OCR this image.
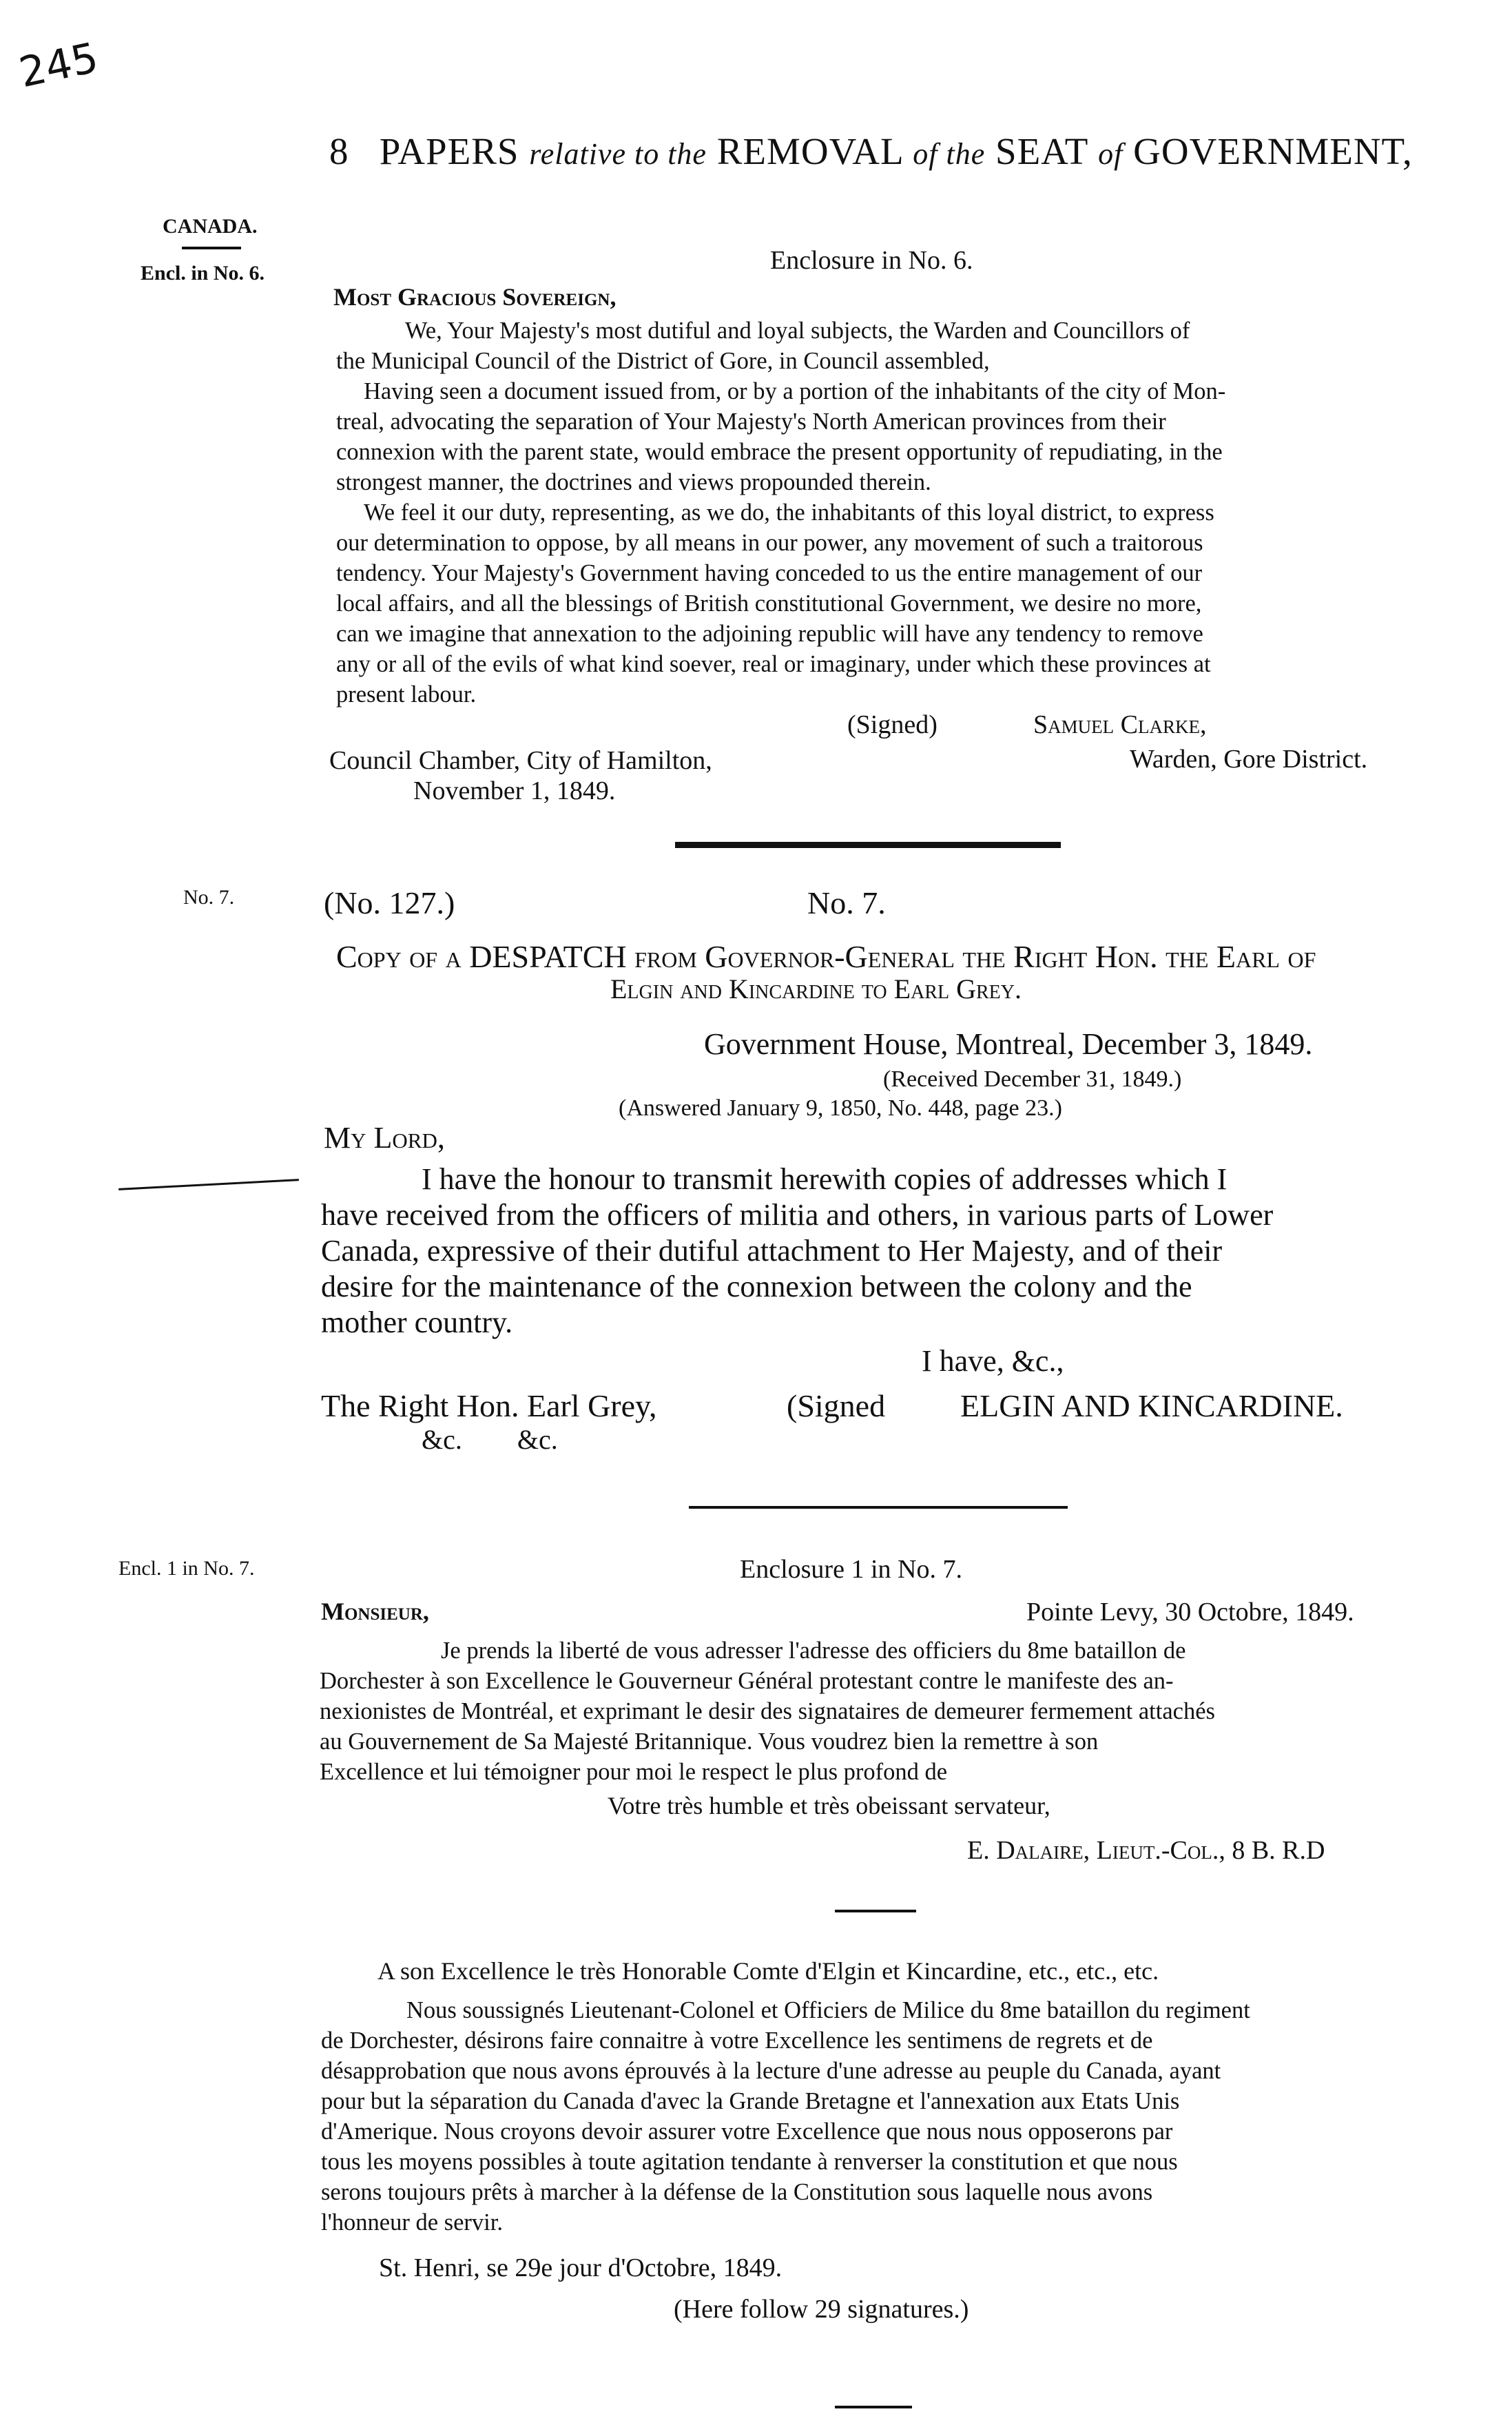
245
8 PAPERS relative to the REMOVAL of the SEAT of GOVERNMENT,
CANADA.
Encl. in No. 6.
No. 7.
Encl. 1 in No. 7.
Enclosure in No. 6.
Most Gracious Sovereign,
We, Your Majesty's most dutiful and loyal subjects, the Warden and Councillors of
the Municipal Council of the District of Gore, in Council assembled,
Having seen a document issued from, or by a portion of the inhabitants of the city of Mon-
treal, advocating the separation of Your Majesty's North American provinces from their
connexion with the parent state, would embrace the present opportunity of repudiating, in the
strongest manner, the doctrines and views propounded therein.
We feel it our duty, representing, as we do, the inhabitants of this loyal district, to express
our determination to oppose, by all means in our power, any movement of such a traitorous
tendency. Your Majesty's Government having conceded to us the entire management of our
local affairs, and all the blessings of British constitutional Government, we desire no more,
can we imagine that annexation to the adjoining republic will have any tendency to remove
any or all of the evils of what kind soever, real or imaginary, under which these provinces at
present labour.
(Signed)	Samuel Clarke,
Warden, Gore District.
Council Chamber, City of Hamilton,
November 1, 1849.
(No. 127.)	No. 7.
Copy of a DESPATCH from Governor-General the Right Hon. the Earl of
Elgin and Kincardine to Earl Grey.
Government House, Montreal, December 3, 1849.
(Received December 31, 1849.)
(Answered January 9, 1850, No. 448, page 23.)
My Lord,
I have the honour to transmit herewith copies of addresses which I
have received from the officers of militia and others, in various parts of Lower
Canada, expressive of their dutiful attachment to Her Majesty, and of their
desire for the maintenance of the connexion between the colony and the
mother country.
I have, &c.,
The Right Hon. Earl Grey,
&c.        &c.
(Signed ELGIN AND KINCARDINE.
Enclosure 1 in No. 7.
Monsieur,	Pointe Levy, 30 Octobre, 1849.
Je prends la liberté de vous adresser l'adresse des officiers du 8me bataillon de
Dorchester à son Excellence le Gouverneur Général protestant contre le manifeste des an-
nexionistes de Montréal, et exprimant le desir des signataires de demeurer fermement attachés
au Gouvernement de Sa Majesté Britannique. Vous voudrez bien la remettre à son
Excellence et lui témoigner pour moi le respect le plus profond de
Votre très humble et très obeissant servateur,
E. Dalaire, Lieut.-Col., 8 B. R.D
A son Excellence le très Honorable Comte d'Elgin et Kincardine, etc., etc., etc.
Nous soussignés Lieutenant-Colonel et Officiers de Milice du 8me bataillon du regiment
de Dorchester, désirons faire connaitre à votre Excellence les sentimens de regrets et de
désapprobation que nous avons éprouvés à la lecture d'une adresse au peuple du Canada, ayant
pour but la séparation du Canada d'avec la Grande Bretagne et l'annexation aux Etats Unis
d'Amerique. Nous croyons devoir assurer votre Excellence que nous nous opposerons par
tous les moyens possibles à toute agitation tendante à renverser la constitution et que nous
serons toujours prêts à marcher à la défense de la Constitution sous laquelle nous avons
l'honneur de servir.
St. Henri, se 29e jour d'Octobre, 1849.
(Here follow 29 signatures.)
